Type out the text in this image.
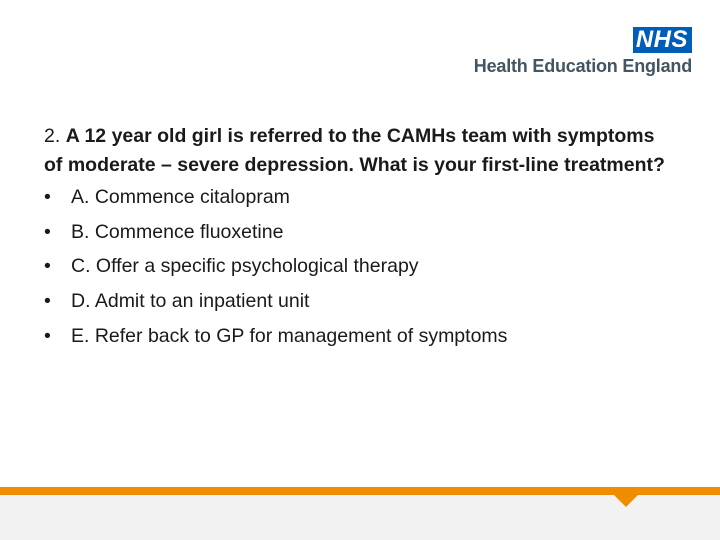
NHS
Health Education England
2. A 12 year old girl is referred to the CAMHs team with symptoms of moderate – severe depression. What is your first-line treatment?
•	A. Commence citalopram
•	B. Commence fluoxetine
•	C. Offer a specific psychological therapy
•	D. Admit to an inpatient unit
•	E. Refer back to GP for management of symptoms
